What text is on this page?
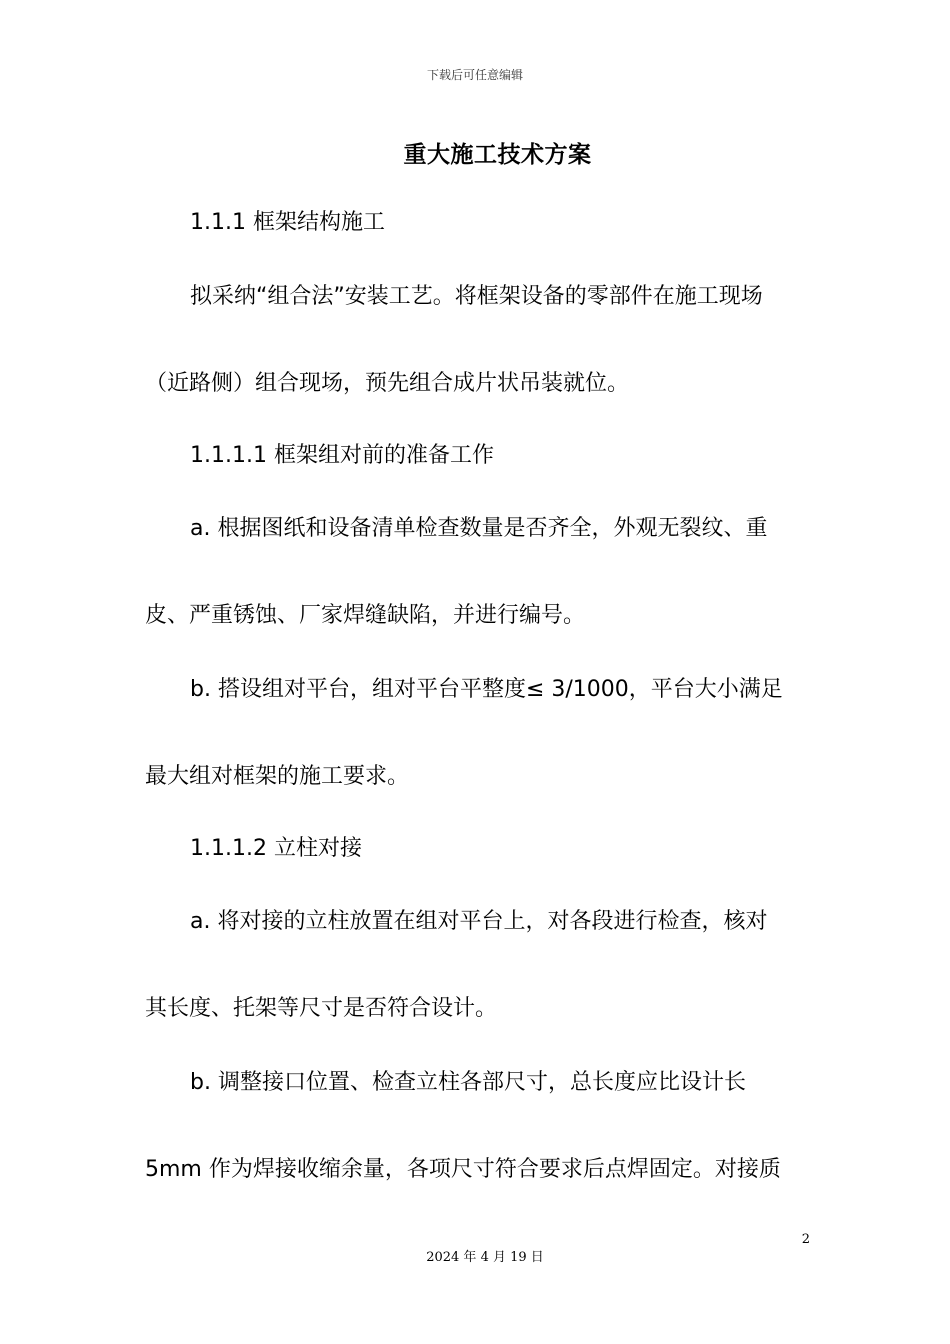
下载后可任意编辑
重大施工技术方案
1.1.1 框架结构施工
拟采纳“组合法”安装工艺。将框架设备的零部件在施工现场
（近路侧）组合现场，预先组合成片状吊装就位。
1.1.1.1 框架组对前的准备工作
a. 根据图纸和设备清单检查数量是否齐全，外观无裂纹、重
皮、严重锈蚀、厂家焊缝缺陷，并进行编号。
b. 搭设组对平台，组对平台平整度≤ 3/1000，平台大小满足
最大组对框架的施工要求。
1.1.1.2 立柱对接
a. 将对接的立柱放置在组对平台上，对各段进行检查，核对
其长度、托架等尺寸是否符合设计。
b. 调整接口位置、检查立柱各部尺寸，总长度应比设计长
5mm 作为焊接收缩余量，各项尺寸符合要求后点焊固定。对接质
2
2024 年 4 月 19 日
